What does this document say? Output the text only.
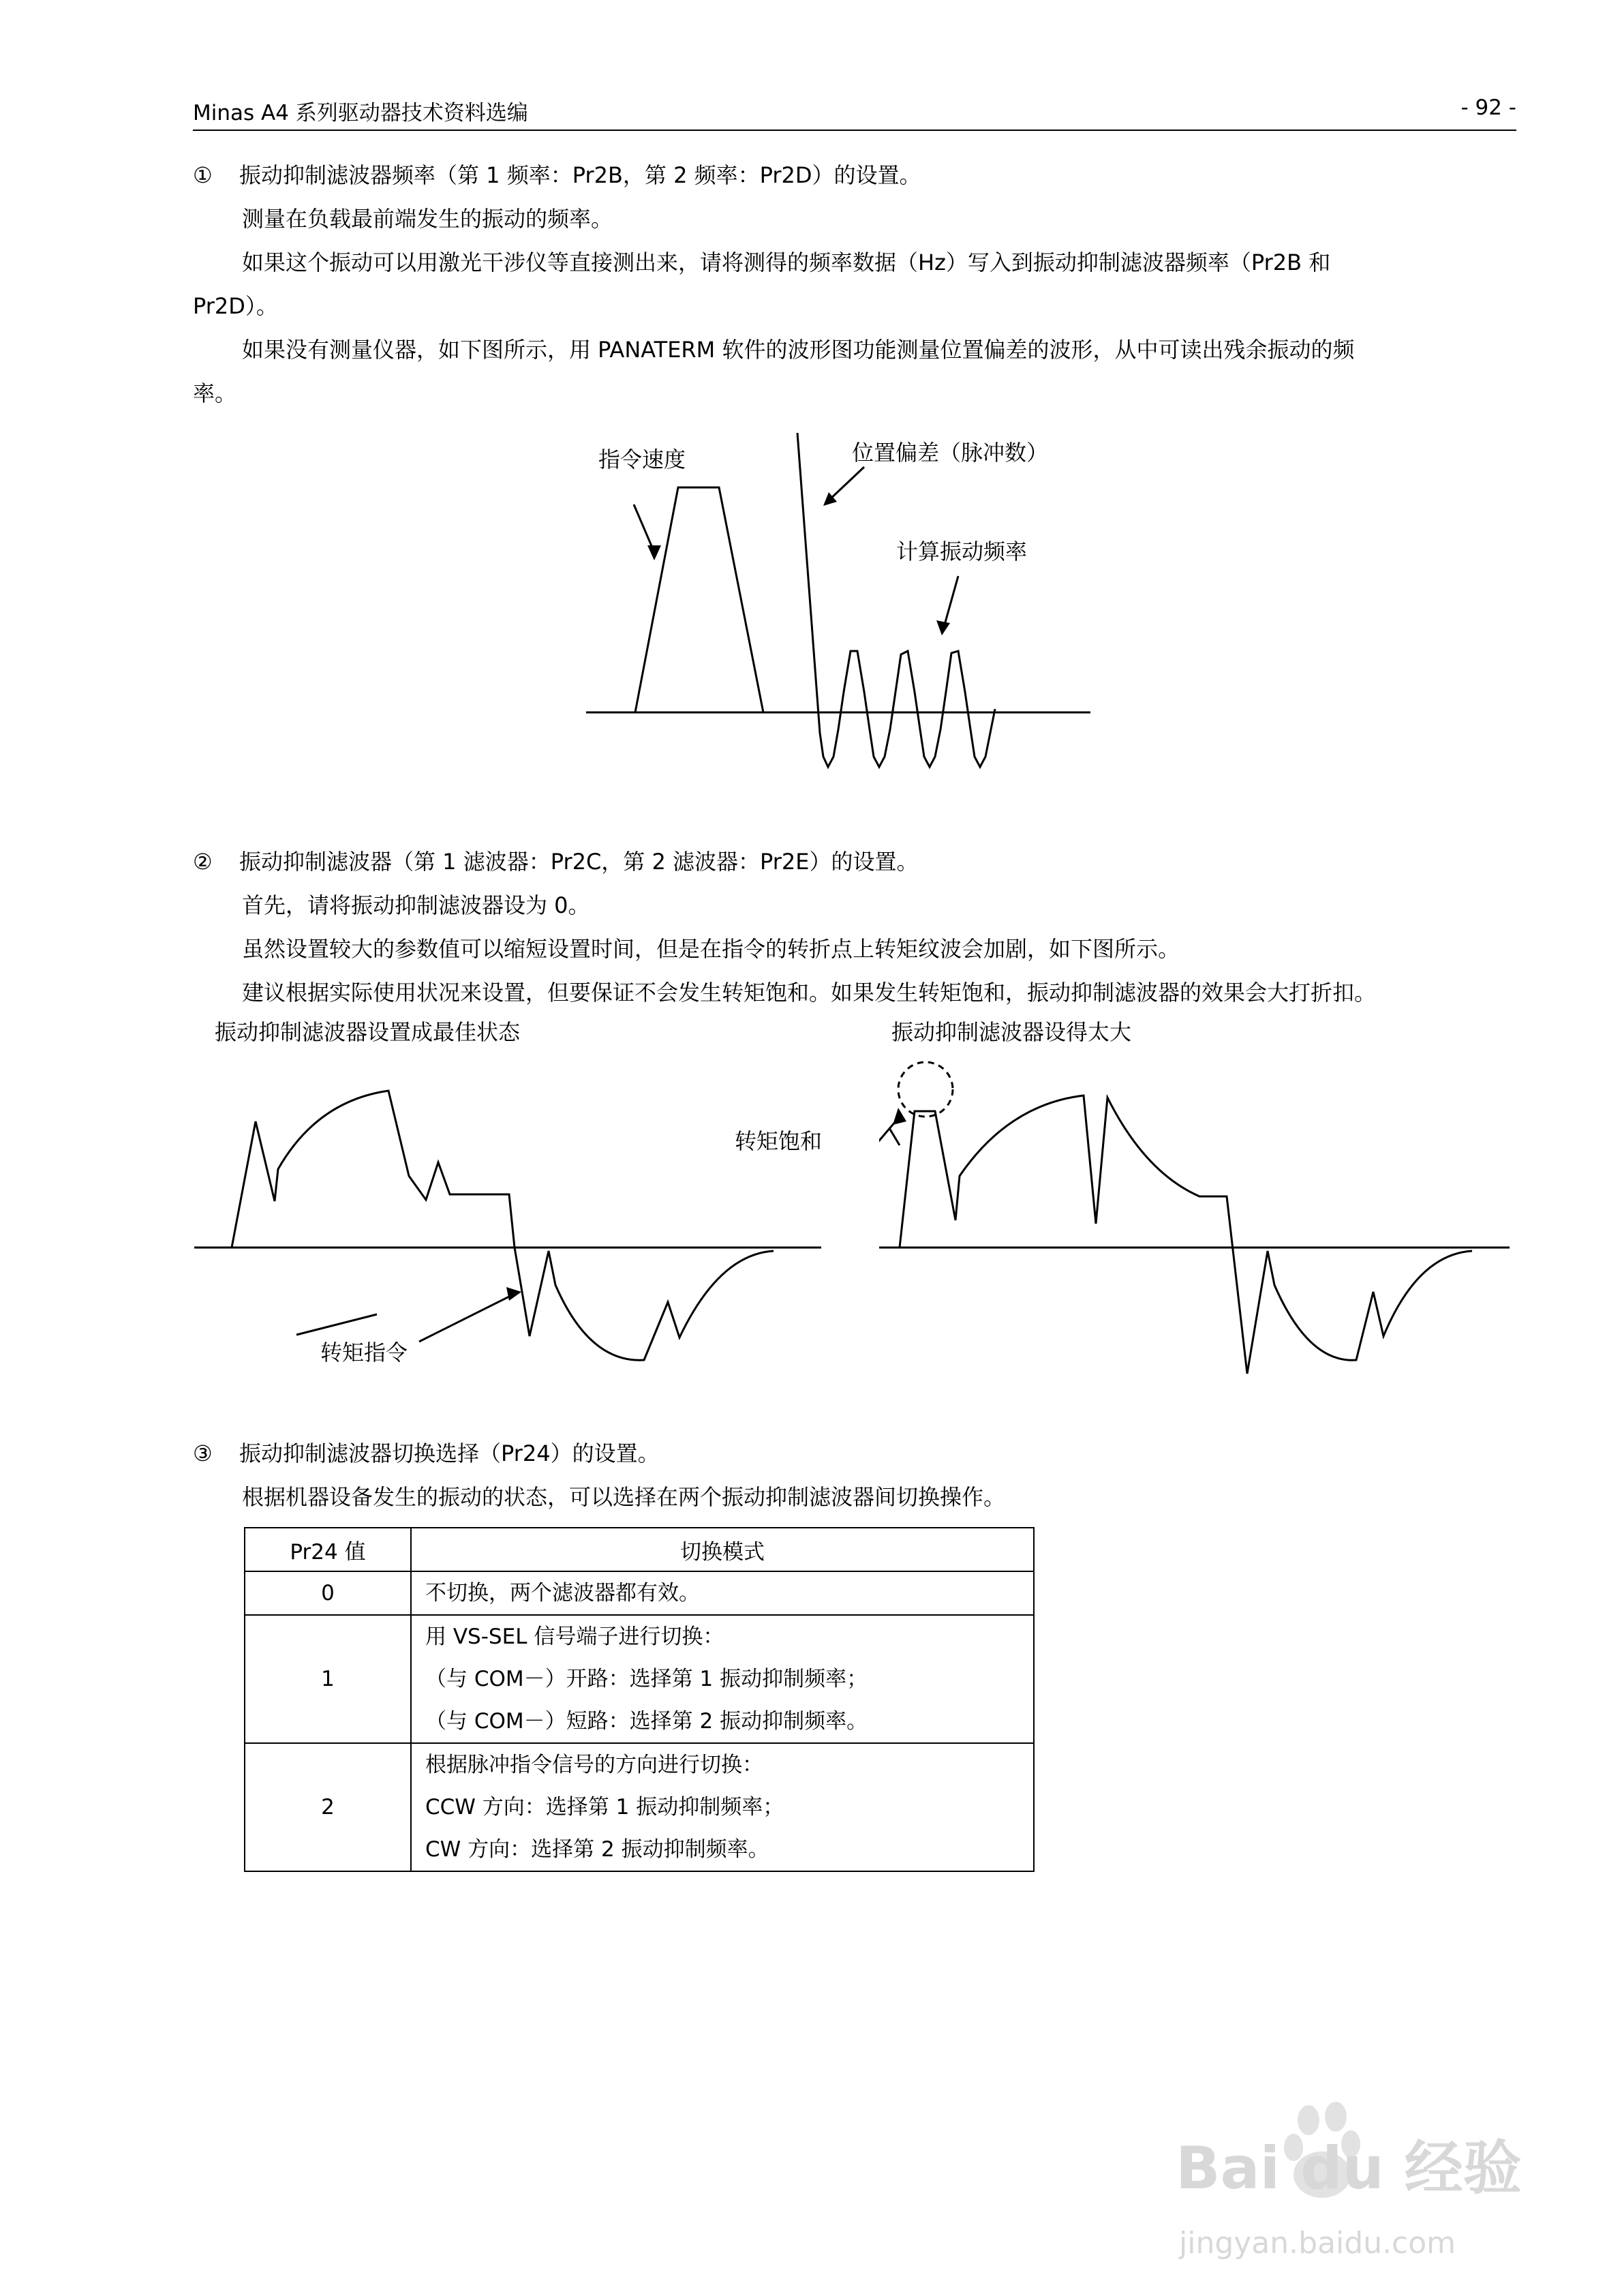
Minas A4 系列驱动器技术资料选编	- 92 -
① 振动抑制滤波器频率（第 1 频率：Pr2B，第 2 频率：Pr2D）的设置。
测量在负载最前端发生的振动的频率。
如果这个振动可以用激光干涉仪等直接测出来，请将测得的频率数据（Hz）写入到振动抑制滤波器频率（Pr2B 和
Pr2D）。
如果没有测量仪器，如下图所示，用 PANATERM 软件的波形图功能测量位置偏差的波形，从中可读出残余振动的频
率。
指令速度	位置偏差（脉冲数）
计算振动频率
② 振动抑制滤波器（第 1 滤波器：Pr2C，第 2 滤波器：Pr2E）的设置。
首先，请将振动抑制滤波器设为 0。
虽然设置较大的参数值可以缩短设置时间，但是在指令的转折点上转矩纹波会加剧，如下图所示。
建议根据实际使用状况来设置，但要保证不会发生转矩饱和。如果发生转矩饱和，振动抑制滤波器的效果会大打折扣。
振动抑制滤波器设置成最佳状态
转矩指令
振动抑制滤波器设得太大
转矩饱和
③ 振动抑制滤波器切换选择（Pr24）的设置。
根据机器设备发生的振动的状态，可以选择在两个振动抑制滤波器间切换操作。
Pr24 值	切换模式
0	不切换，两个滤波器都有效。

1	用 VS-SEL 信号端子进行切换：
（与 COM－）开路：选择第 1 振动抑制频率；
（与 COM－）短路：选择第 2 振动抑制频率。

2	根据脉冲指令信号的方向进行切换：
CCW 方向：选择第 1 振动抑制频率；
CW 方向：选择第 2 振动抑制频率。
Bai du 经验
jingyan.baidu.com
